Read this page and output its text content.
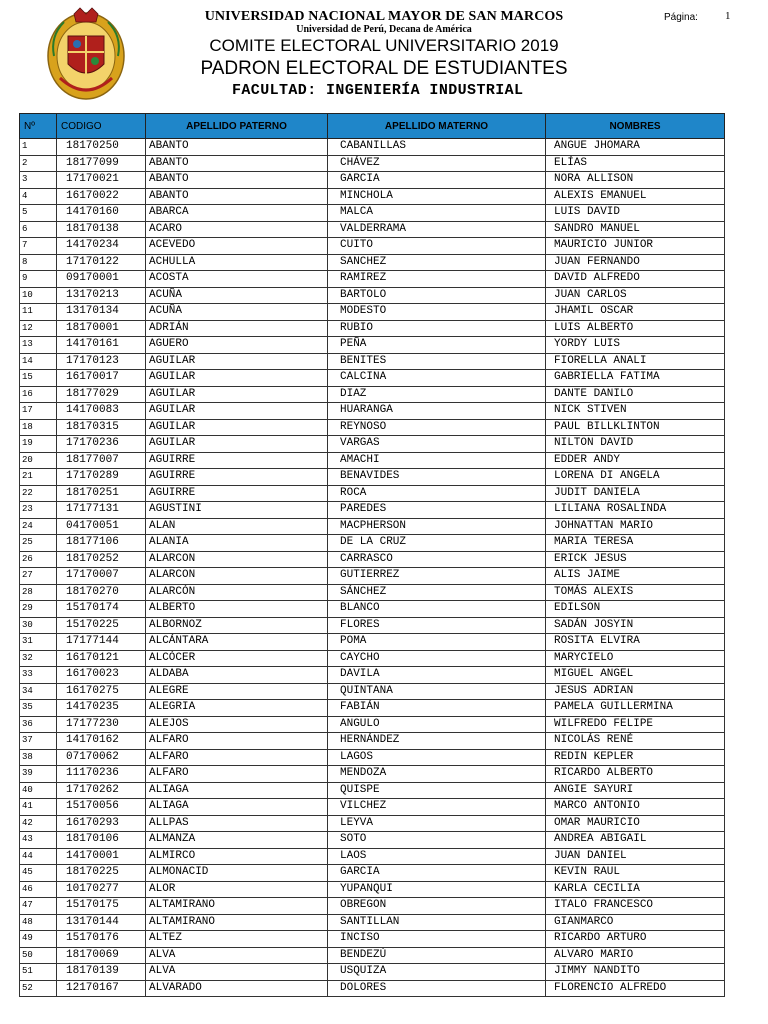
UNIVERSIDAD NACIONAL MAYOR DE SAN MARCOS
Universidad de Perú, Decana de América
COMITE ELECTORAL UNIVERSITARIO 2019
PADRON ELECTORAL DE ESTUDIANTES
FACULTAD: INGENIERÍA INDUSTRIAL
Página: 1
Nº	CODIGO	APELLIDO PATERNO	APELLIDO MATERNO	NOMBRES
1	18170250	ABANTO	CABANILLAS	ANGUE JHOMARA
2	18177099	ABANTO	CHÁVEZ	ELÍAS
3	17170021	ABANTO	GARCIA	NORA ALLISON
4	16170022	ABANTO	MINCHOLA	ALEXIS EMANUEL
5	14170160	ABARCA	MALCA	LUIS DAVID
6	18170138	ACARO	VALDERRAMA	SANDRO MANUEL
7	14170234	ACEVEDO	CUITO	MAURICIO JUNIOR
8	17170122	ACHULLA	SANCHEZ	JUAN FERNANDO
9	09170001	ACOSTA	RAMIREZ	DAVID ALFREDO
10	13170213	ACUÑA	BARTOLO	JUAN CARLOS
11	13170134	ACUÑA	MODESTO	JHAMIL OSCAR
12	18170001	ADRIÁN	RUBIO	LUIS ALBERTO
13	14170161	AGUERO	PEÑA	YORDY LUIS
14	17170123	AGUILAR	BENITES	FIORELLA ANALI
15	16170017	AGUILAR	CALCINA	GABRIELLA FATIMA
16	18177029	AGUILAR	DIAZ	DANTE DANILO
17	14170083	AGUILAR	HUARANGA	NICK STIVEN
18	18170315	AGUILAR	REYNOSO	PAUL BILLKLINTON
19	17170236	AGUILAR	VARGAS	NILTON DAVID
20	18177007	AGUIRRE	AMACHI	EDDER ANDY
21	17170289	AGUIRRE	BENAVIDES	LORENA DI ANGELA
22	18170251	AGUIRRE	ROCA	JUDIT DANIELA
23	17177131	AGUSTINI	PAREDES	LILIANA ROSALINDA
24	04170051	ALAN	MACPHERSON	JOHNATTAN MARIO
25	18177106	ALANIA	DE LA CRUZ	MARIA TERESA
26	18170252	ALARCON	CARRASCO	ERICK JESUS
27	17170007	ALARCON	GUTIERREZ	ALIS JAIME
28	18170270	ALARCÓN	SÁNCHEZ	TOMÁS ALEXIS
29	15170174	ALBERTO	BLANCO	EDILSON
30	15170225	ALBORNOZ	FLORES	SADÁN JOSYIN
31	17177144	ALCÁNTARA	POMA	ROSITA ELVIRA
32	16170121	ALCÓCER	CAYCHO	MARYCIELO
33	16170023	ALDABA	DAVILA	MIGUEL ANGEL
34	16170275	ALEGRE	QUINTANA	JESUS ADRIAN
35	14170235	ALEGRIA	FABIÁN	PAMELA GUILLERMINA
36	17177230	ALEJOS	ANGULO	WILFREDO FELIPE
37	14170162	ALFARO	HERNÁNDEZ	NICOLÁS RENÉ
38	07170062	ALFARO	LAGOS	REDIN KEPLER
39	11170236	ALFARO	MENDOZA	RICARDO ALBERTO
40	17170262	ALIAGA	QUISPE	ANGIE SAYURI
41	15170056	ALIAGA	VILCHEZ	MARCO ANTONIO
42	16170293	ALLPAS	LEYVA	OMAR MAURICIO
43	18170106	ALMANZA	SOTO	ANDREA ABIGAIL
44	14170001	ALMIRCO	LAOS	JUAN DANIEL
45	18170225	ALMONACID	GARCIA	KEVIN RAUL
46	10170277	ALOR	YUPANQUI	KARLA CECILIA
47	15170175	ALTAMIRANO	OBREGON	ITALO FRANCESCO
48	13170144	ALTAMIRANO	SANTILLAN	GIANMARCO
49	15170176	ALTEZ	INCISO	RICARDO ARTURO
50	18170069	ALVA	BENDEZÚ	ALVARO MARIO
51	18170139	ALVA	USQUIZA	JIMMY NANDITO
52	12170167	ALVARADO	DOLORES	FLORENCIO ALFREDO
